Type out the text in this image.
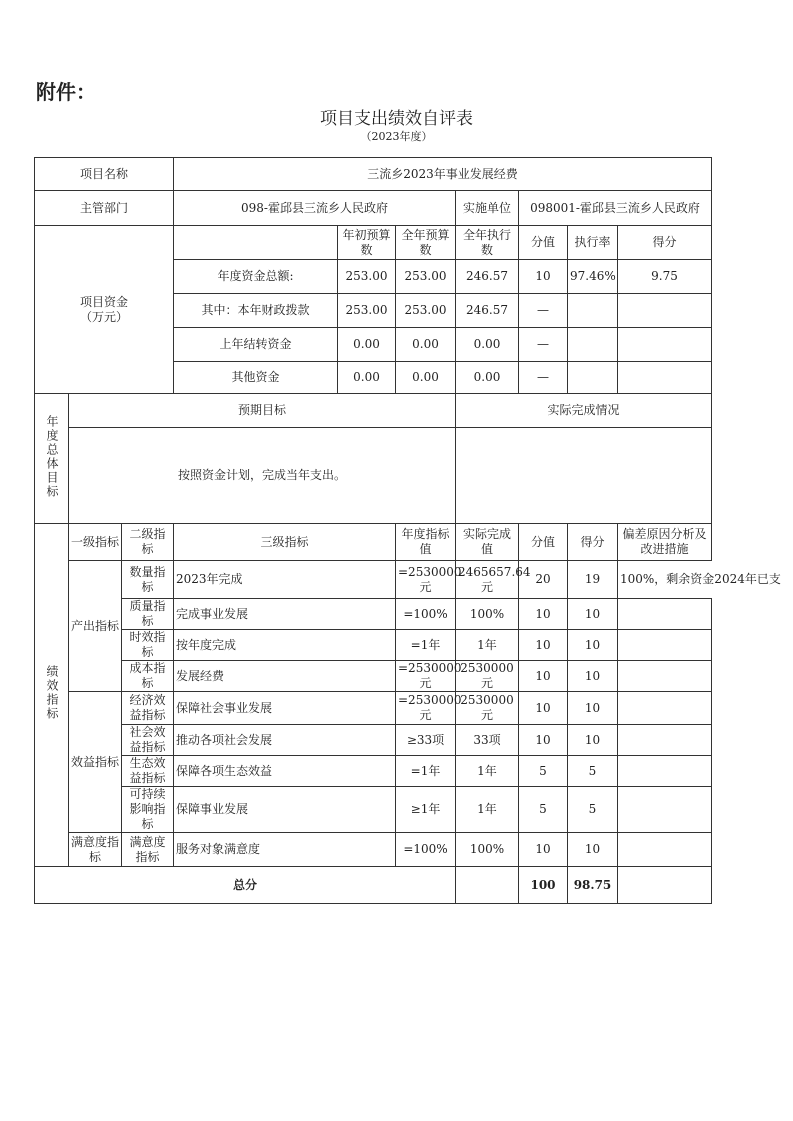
附件：
项目支出绩效自评表
（2023年度）
项目名称			三流乡2023年事业发展经费						
主管部门			098-霍邱县三流乡人民政府			实施单位	098001-霍邱县三流乡人民政府		
项目资金
（万元）				年初预算数	全年预算数	全年执行数	分值	执行率	得分
			年度资金总额:	253.00	253.00	246.57	10	97.46%	9.75
			其中：本年财政拨款	253.00	253.00	246.57	—		
			上年结转资金	0.00	0.00	0.00	—		
			其他资金	0.00	0.00	0.00	—		
年度总体目标	预期目标					实际完成情况			
	按照资金计划，完成当年支出。								
绩效指标	一级指标	二级指标	三级指标		年度指标值	实际完成值	分值	得分	偏差原因分析及改进措施
	产出指标	数量指标	2023年完成		=2530000元	2465657.64元	20	19	100%，剩余资金2024年已支
		质量指标	完成事业发展		=100%	100%	10	10	
		时效指标	按年度完成		=1年	1年	10	10	
		成本指标	发展经费		=2530000元	2530000元	10	10	
	效益指标	经济效益指标	保障社会事业发展		=2530000元	2530000元	10	10	
		社会效益指标	推动各项社会发展		≥33项	33项	10	10	
		生态效益指标	保障各项生态效益		=1年	1年	5	5	
		可持续影响指标	保障事业发展		≥1年	1年	5	5	
	满意度指标	满意度指标	服务对象满意度		=100%	100%	10	10	
总分							100	98.75	
